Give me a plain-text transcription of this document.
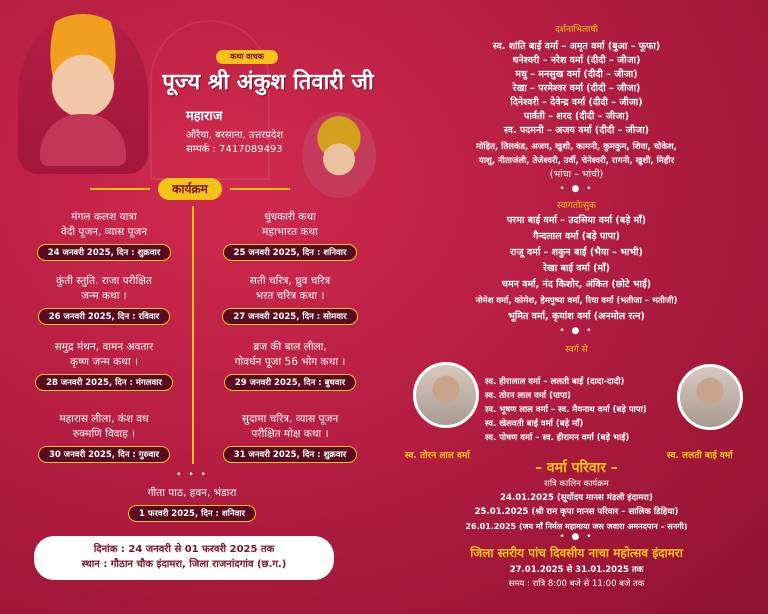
कथा वाचक
पूज्य श्री अंकुश तिवारी जी
महाराज
औरैया, बरसाना, उत्तरप्रदेश
सम्पर्क : 7417089493
कार्यक्रम
मंगल कलश यात्रा
वेदी पूजन, व्यास पूजन
24 जनवरी 2025, दिन : शुक्रवार
धुंधकारी कथा
महाभारत कथा
25 जनवरी 2025, दिन : शनिवार
कुंती स्तुति. राजा परीक्षित
जन्म कथा ।
26 जनवरी 2025, दिन : रविवार
सती चरित्र, ध्रुव चरित्र
भरत चरित्र कथा ।
27 जनवरी 2025, दिन : सोमवार
समुद्र मंथन, वामन अवतार
कृष्ण जन्म कथा ।
28 जनवरी 2025, दिन : मंगलवार
ब्रज की बाल लीला,
गोवर्धन पूजा 56 भोग कथा ।
29 जनवरी 2025, दिन : बुधवार
महारास लीला, कंश वध
रुक्मणि विवाह ।
30 जनवरी 2025, दिन : गुरुवार
सुदामा चरित्र, व्यास पूजन
परीक्षित मोक्ष कथा ।
31 जनवरी 2025, दिन : शुक्रवार
• • •
गीता पाठ, हवन, भंडारा
1 फरवरी 2025, दिन : शनिवार
दिनांक : 24 जनवरी से 01 फरवरी 2025 तक
स्थान : गौठान चौक इंदामरा, जिला राजनांदगांव (छ.ग.)
दर्शनाभिलाषी
स्व. शांति बाई वर्मा – अमृत वर्मा (बुआ – फूफा)
धनेश्वरी – नरेश वर्मा (दीदी – जीजा)
मधु – मनसुख वर्मा (दीदी – जीजा)
रेखा – परमेश्वर वर्मा (दीदी – जीजा)
दिनेश्वरी – देवेन्द्र वर्मा (दीदी – जीजा)
पार्वती – शरद (दीदी – जीजा)
स्व. पदमनी – अजय वर्मा (दीदी – जीजा)
मोहित, तिलकंड, अजय, खुशी, कामनी, कुमकुम, शिवा, चोकेश,
याशु, नीताजंली, तेजेश्वरी, उर्वी, चेनेश्वरी, रागनी, खुशी, मिहीर
(भांचा – भांची)
• ● •
स्वागतोत्सुक
परमा बाई वर्मा – उदसिया वर्मा (बड़े माँ)
गैन्दलाल वर्मा (बड़े पापा)
राजू वर्मा – शकुन बाई (भैया – भाभी)
रेखा बाई वर्मा (माँ)
चमन वर्मा, नंद किशोर, अंकित (छोटे भाई)
नोमेश वर्मा, कोमेश, हेमपुष्पा वर्मा, रिया वर्मा (भतीजा – भतीजी)
भूमित वर्मा, कृयांश वर्मा (अनमोल रत्न)
• ● •
स्वर्ग से
स्व. तोरन लाल वर्मा	स्व. ललती बाई वर्मा
स्व. हीरालाल वर्मा – ललती बाई (दादा-दादी)
स्व. तोरन लाल वर्मा (पापा)
स्व. भूषण लाल वर्मा – स्व. मैयनाथ वर्मा (बड़े पापा)
स्व. खेलवती बाई वर्मा (बड़े माँ)
स्व. पोषण वर्मा – स्व. हीरामन वर्मा (बड़े भाई)
– वर्मा परिवार –
रात्रि कालिन कार्यक्रम
24.01.2025 (सूर्योदय मानस मंडली इंदामरा)
25.01.2025 (श्री राम कृपा मानस परिवार – सालिक डिहिया)
26.01.2025 (जय माँ निर्मल महामाया जस जवारा अमनदपान – सनगी)
• ● •
जिला स्तरीय पांच दिवसीय नाचा महोत्सव इंदामरा
27.01.2025 से 31.01.2025 तक
समय : रात्रि 8:00 बजे से 11:00 बजे तक
